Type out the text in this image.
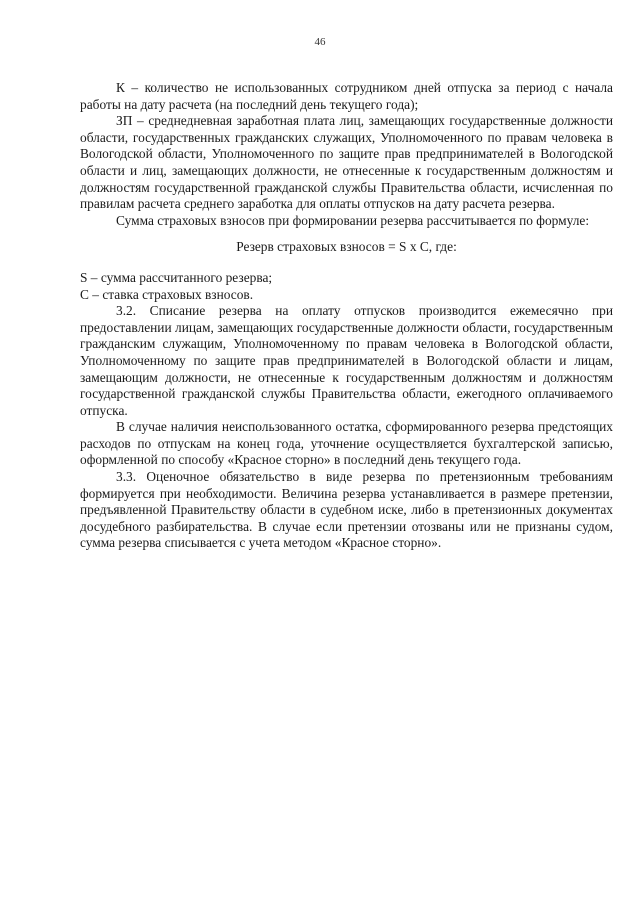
46

К – количество не использованных сотрудником дней отпуска за период с начала работы на дату расчета (на последний день текущего года);

ЗП – среднедневная заработная плата лиц, замещающих государственные должности области, государственных гражданских служащих, Уполномоченного по правам человека в Вологодской области, Уполномоченного по защите прав предпринимателей в Вологодской области и лиц, замещающих должности, не отнесенные к государственным должностям и должностям государственной гражданской службы Правительства области, исчисленная по правилам расчета среднего заработка для оплаты отпусков на дату расчета резерва.

Сумма страховых взносов при формировании резерва рассчитывается по формуле:

Резерв страховых взносов = S x C, где:

S – сумма рассчитанного резерва;

C – ставка страховых взносов.

3.2. Списание резерва на оплату отпусков производится ежемесячно при предоставлении лицам, замещающих государственные должности области, государственным гражданским служащим, Уполномоченному по правам человека в Вологодской области, Уполномоченному по защите прав предпринимателей в Вологодской области и лицам, замещающим должности, не отнесенные к государственным должностям и должностям государственной гражданской службы Правительства области, ежегодного оплачиваемого отпуска.

В случае наличия неиспользованного остатка, сформированного резерва предстоящих расходов по отпускам на конец года, уточнение осуществляется бухгалтерской записью, оформленной по способу «Красное сторно» в последний день текущего года.

3.3. Оценочное обязательство в виде резерва по претензионным требованиям формируется при необходимости. Величина резерва устанавливается в размере претензии, предъявленной Правительству области в судебном иске, либо в претензионных документах досудебного разбирательства. В случае если претензии отозваны или не признаны судом, сумма резерва списывается с учета методом «Красное сторно».
